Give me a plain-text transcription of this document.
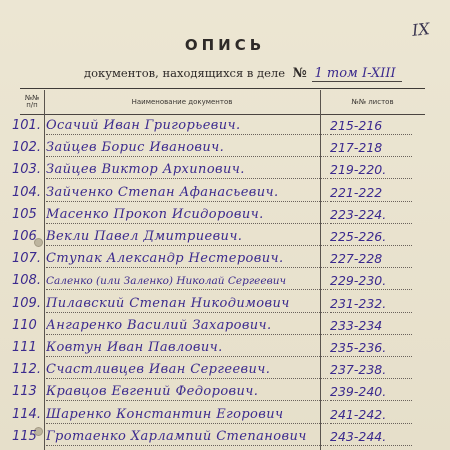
IX
ОПИСЬ
документов, находящихся в деле № 1 том I-XIII
№№ п/п	Наименование документов	№№ листов
101. Осачий Иван Григорьевич.	215-216
102. Зайцев Борис Иванович.	217-218
103. Зайцев Виктор Архипович.	219-220.
104. Зайченко Степан Афанасьевич.	221-222
105 Масенко Прокоп Исидорович.	223-224.
106 Векли Павел Дмитриевич.	225-226.
107. Ступак Александр Нестерович.	227-228
108. Саленко (или Заленко) Николай Сергеевич	229-230.
109. Пилавский Степан Никодимович	231-232.
110 Ангаренко Василий Захарович.	233-234
111 Ковтун Иван Павлович.	235-236.
112. Счастливцев Иван Сергеевич.	237-238.
113 Кравцов Евгений Федорович.	239-240.
114. Шаренко Константин Егорович	241-242.
115 Гротаенко Харлампий Степанович	243-244.
